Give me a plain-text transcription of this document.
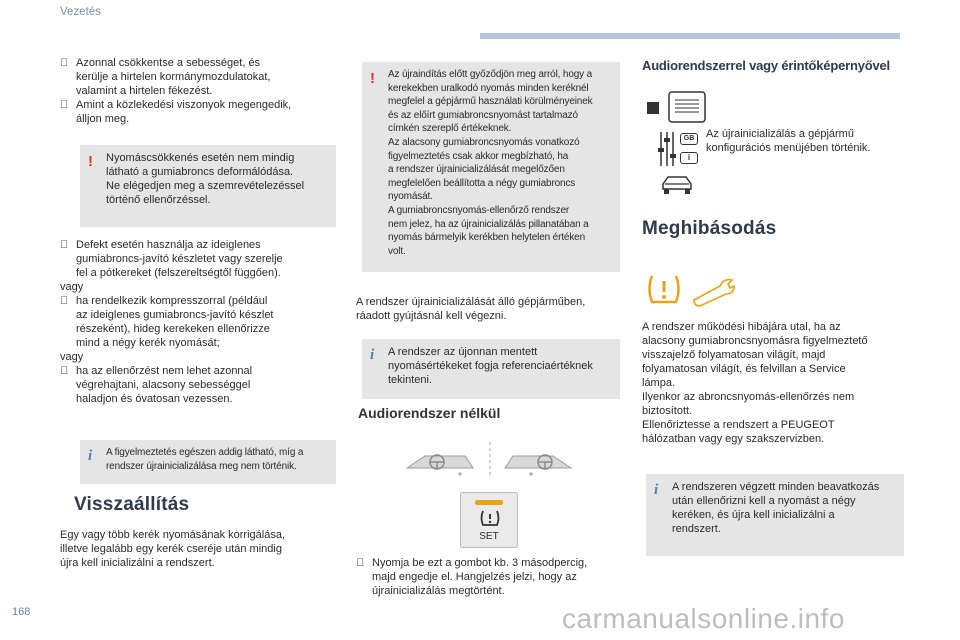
Vezetés
Azonnal csökkentse a sebességet, és
kerülje a hirtelen kormánymozdulatokat,
valamint a hirtelen fékezést.
Amint a közlekedési viszonyok megengedik,
álljon meg.
!	Nyomáscsökkenés esetén nem mindig
látható a gumiabroncs deformálódása.
Ne elégedjen meg a szemrevételezéssel
történő ellenőrzéssel.
Defekt esetén használja az ideiglenes
gumiabroncs-javító készletet vagy szerelje
fel a pótkereket (felszereltségtől függően).
vagy
ha rendelkezik kompresszorral (például
az ideiglenes gumiabroncs-javító készlet
részeként), hideg kerekeken ellenőrizze
mind a négy kerék nyomását;
vagy
ha az ellenőrzést nem lehet azonnal
végrehajtani, alacsony sebességgel
haladjon és óvatosan vezessen.
i	A figyelmeztetés egészen addig látható, míg a
rendszer újrainicializálása meg nem történik.
Visszaállítás
Egy vagy több kerék nyomásának korrigálása,
illetve legalább egy kerék cseréje után mindig
újra kell inicializálni a rendszert.
!	Az újraindítás előtt győződjön meg arról, hogy a
kerekekben uralkodó nyomás minden keréknél
megfelel a gépjármű használati körülményeinek
és az előírt gumiabroncsnyomást tartalmazó
címkén szereplő értékeknek.
Az alacsony gumiabroncsnyomás vonatkozó
figyelmeztetés csak akkor megbízható, ha
a rendszer újrainicializálását megelőzően
megfelelően beállította a négy gumiabroncs
nyomását.
A gumiabroncsnyomás-ellenőrző rendszer
nem jelez, ha az újrainicializálás pillanatában a
nyomás bármelyik kerékben helytelen értéken
volt.
A rendszer újrainicializálását álló gépjárműben,
ráadott gyújtásnál kell végezni.
i	A rendszer az újonnan mentett
nyomásértékeket fogja referenciaértéknek
tekinteni.
Audiorendszer nélkül
SET
Nyomja be ezt a gombot kb. 3 másodpercig,
majd engedje el. Hangjelzés jelzi, hogy az
újrainicializálás megtörtént.
Audiorendszerrel vagy érintőképernyővel
GB
i
Az újrainicializálás a gépjármű
konfigurációs menüjében történik.
Meghibásodás
A rendszer működési hibájára utal, ha az
alacsony gumiabroncsnyomásra figyelmeztető
visszajelző folyamatosan világít, majd
folyamatosan világít, és felvillan a Service
lámpa.
Ilyenkor az abroncsnyomás-ellenőrzés nem
biztosított.
Ellenőriztesse a rendszert a PEUGEOT
hálózatban vagy egy szakszervizben.
i	A rendszeren végzett minden beavatkozás
után ellenőrizni kell a nyomást a négy
keréken, és újra kell inicializálni a
rendszert.
168	carmanualsonline.info
